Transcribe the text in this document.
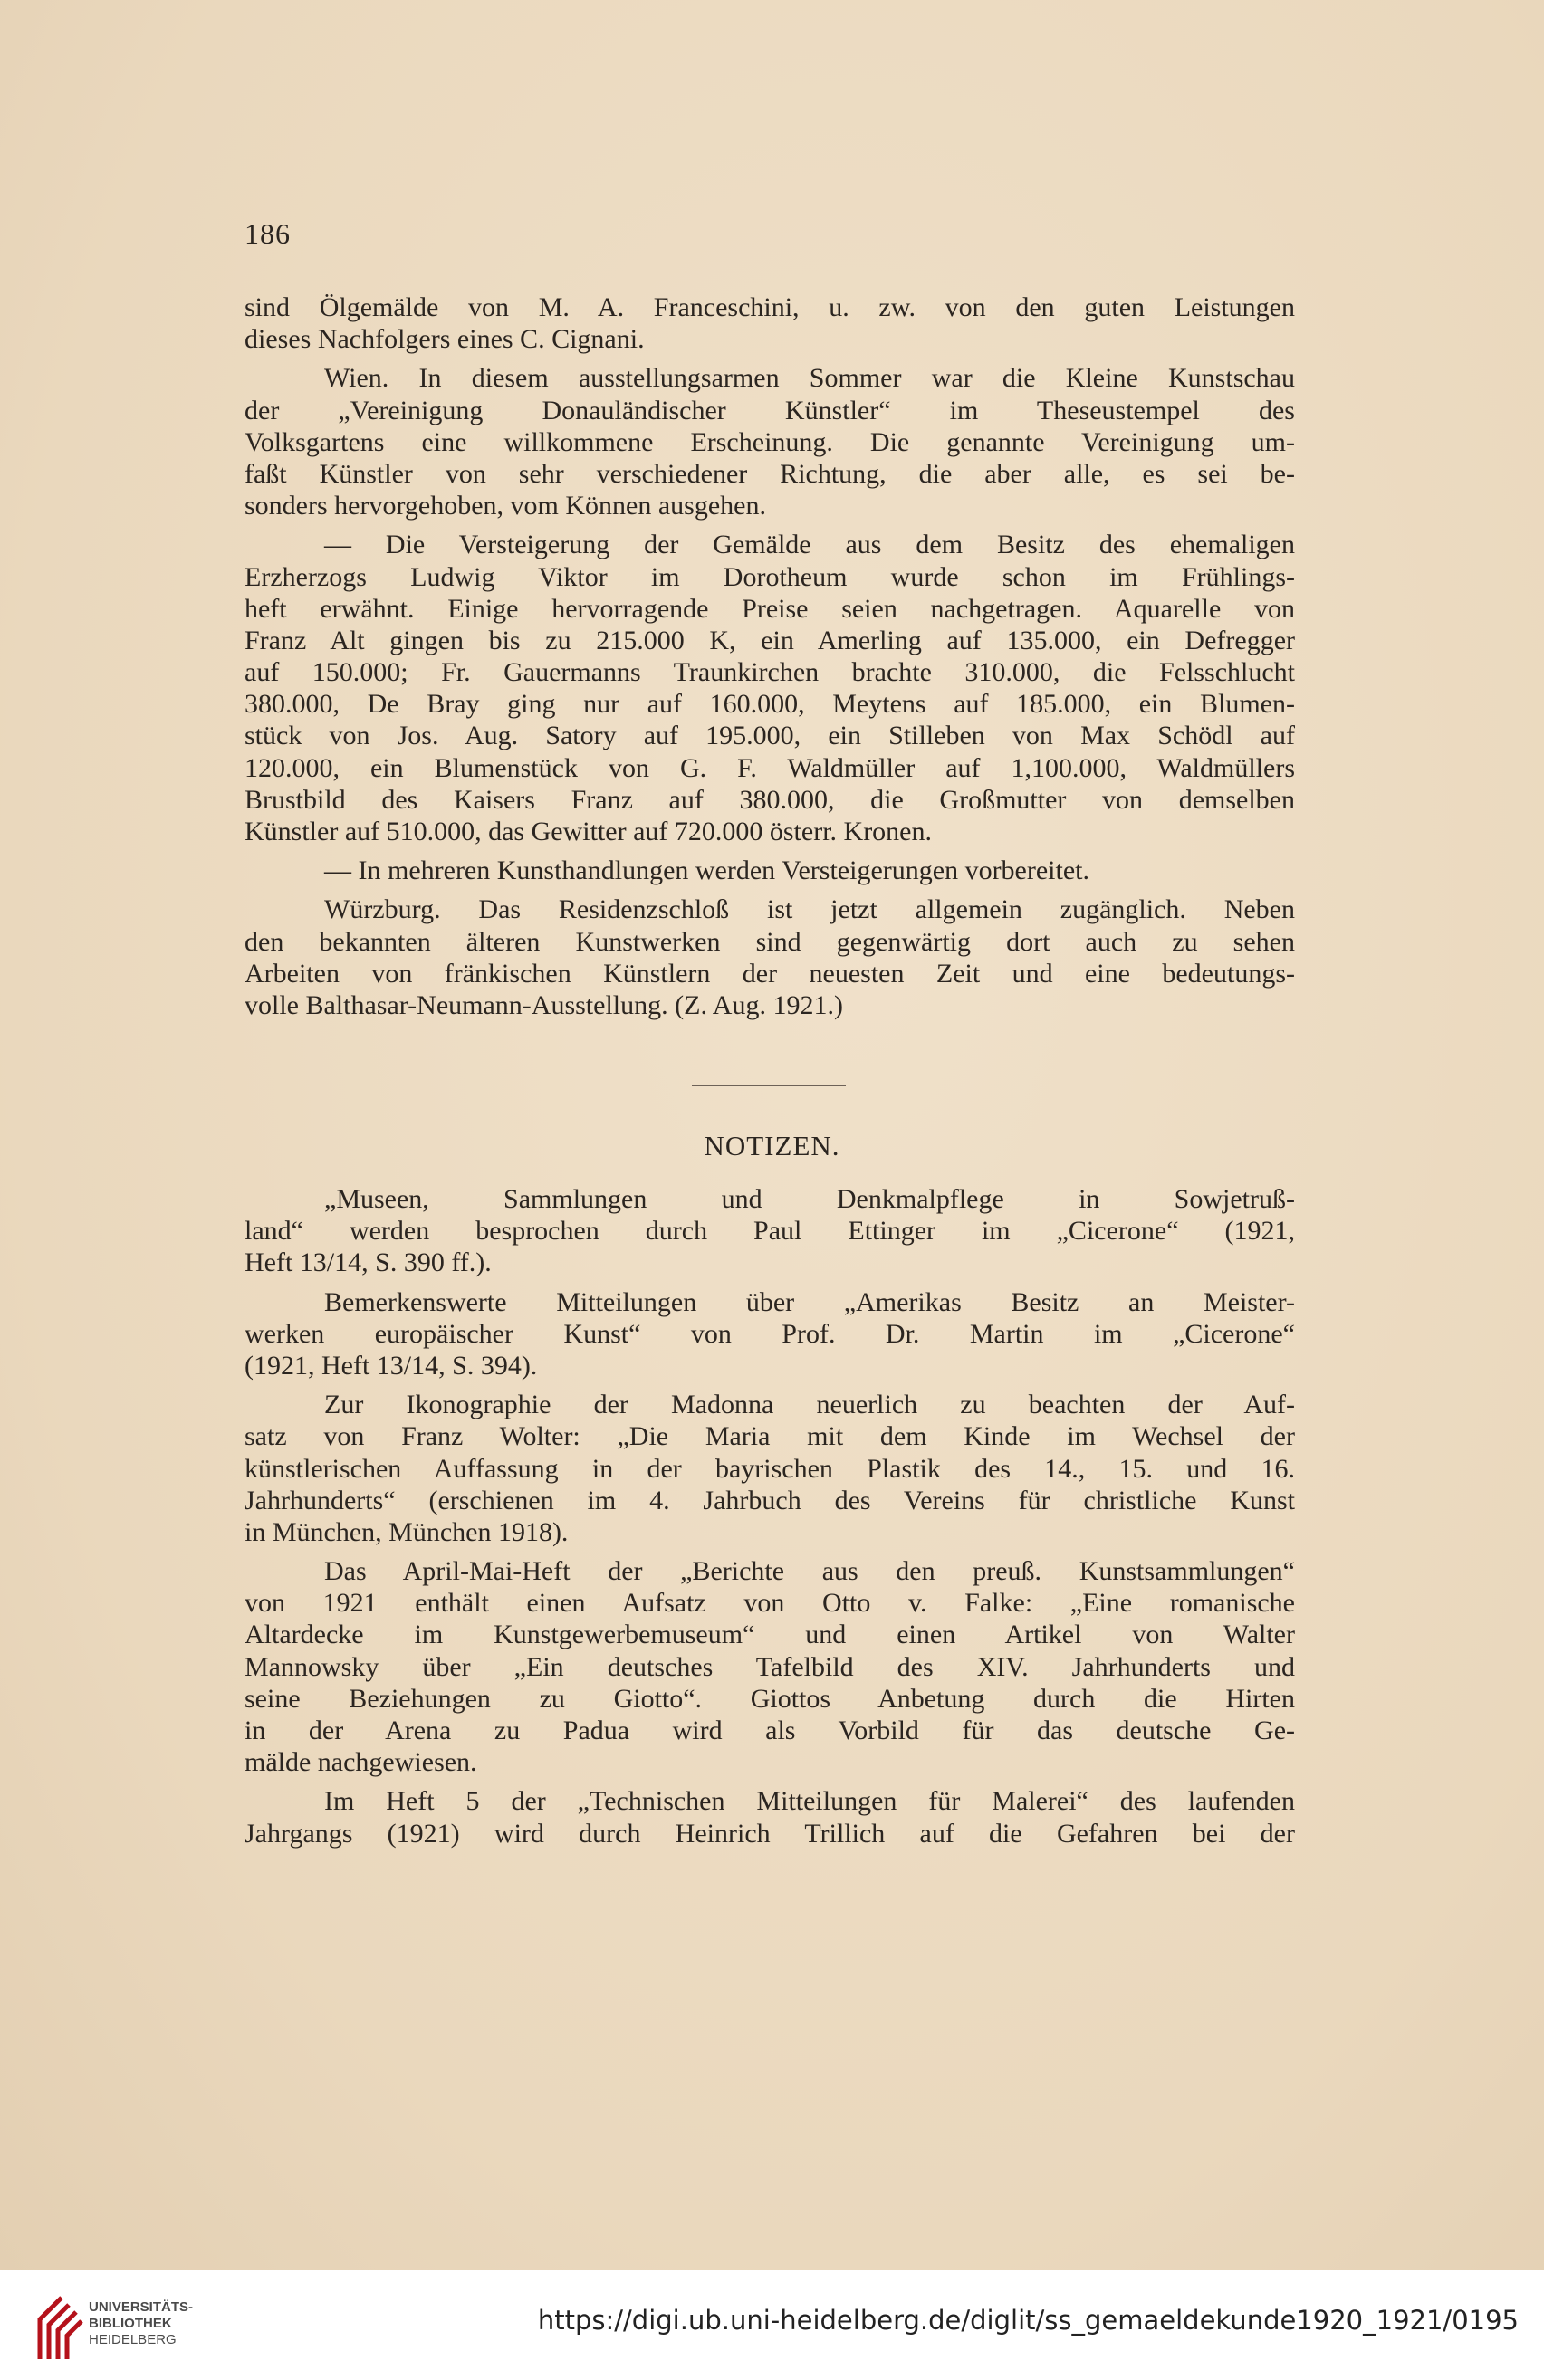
186
sind Ölgemälde von M. A. Franceschini, u. zw. von den guten Leistungen
dieses Nachfolgers eines C. Cignani.
Wien. In diesem ausstellungsarmen Sommer war die Kleine Kunstschau
der „Vereinigung Donauländischer Künstler“ im Theseustempel des
Volksgartens eine willkommene Erscheinung. Die genannte Vereinigung um-
faßt Künstler von sehr verschiedener Richtung, die aber alle, es sei be-
sonders hervorgehoben, vom Können ausgehen.
— Die Versteigerung der Gemälde aus dem Besitz des ehemaligen
Erzherzogs Ludwig Viktor im Dorotheum wurde schon im Frühlings-
heft erwähnt. Einige hervorragende Preise seien nachgetragen. Aquarelle von
Franz Alt gingen bis zu 215.000 K, ein Amerling auf 135.000, ein Defregger
auf 150.000; Fr. Gauermanns Traunkirchen brachte 310.000, die Felsschlucht
380.000, De Bray ging nur auf 160.000, Meytens auf 185.000, ein Blumen-
stück von Jos. Aug. Satory auf 195.000, ein Stilleben von Max Schödl auf
120.000, ein Blumenstück von G. F. Waldmüller auf 1,100.000, Waldmüllers
Brustbild des Kaisers Franz auf 380.000, die Großmutter von demselben
Künstler auf 510.000, das Gewitter auf 720.000 österr. Kronen.
— In mehreren Kunsthandlungen werden Versteigerungen vorbereitet.
Würzburg. Das Residenzschloß ist jetzt allgemein zugänglich. Neben
den bekannten älteren Kunstwerken sind gegenwärtig dort auch zu sehen
Arbeiten von fränkischen Künstlern der neuesten Zeit und eine bedeutungs-
volle Balthasar-Neumann-Ausstellung. (Z. Aug. 1921.)
NOTIZEN.
„Museen, Sammlungen und Denkmalpflege in Sowjetruß-
land“ werden besprochen durch Paul Ettinger im „Cicerone“ (1921,
Heft 13/14, S. 390 ff.).
Bemerkenswerte Mitteilungen über „Amerikas Besitz an Meister-
werken europäischer Kunst“ von Prof. Dr. Martin im „Cicerone“
(1921, Heft 13/14, S. 394).
Zur Ikonographie der Madonna neuerlich zu beachten der Auf-
satz von Franz Wolter: „Die Maria mit dem Kinde im Wechsel der
künstlerischen Auffassung in der bayrischen Plastik des 14., 15. und 16.
Jahrhunderts“ (erschienen im 4. Jahrbuch des Vereins für christliche Kunst
in München, München 1918).
Das April-Mai-Heft der „Berichte aus den preuß. Kunstsammlungen“
von 1921 enthält einen Aufsatz von Otto v. Falke: „Eine romanische
Altardecke im Kunstgewerbemuseum“ und einen Artikel von Walter
Mannowsky über „Ein deutsches Tafelbild des XIV. Jahrhunderts und
seine Beziehungen zu Giotto“. Giottos Anbetung durch die Hirten
in der Arena zu Padua wird als Vorbild für das deutsche Ge-
mälde nachgewiesen.
Im Heft 5 der „Technischen Mitteilungen für Malerei“ des laufenden
Jahrgangs (1921) wird durch Heinrich Trillich auf die Gefahren bei der
UNIVERSITÄTS-
BIBLIOTHEK
HEIDELBERG
https://digi.ub.uni-heidelberg.de/diglit/ss_gemaeldekunde1920_1921/0195
